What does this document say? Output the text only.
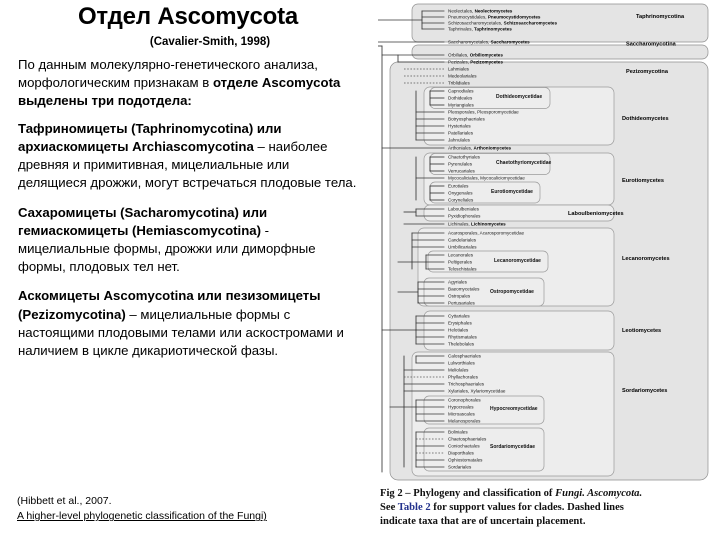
Отдел Ascomycota
(Cavalier-Smith, 1998)

По данным молекулярно-генетического анализа, морфологическим признакам в отделе Ascomycota выделены три подотдела:

Тафриномицеты (Taphrinomycotina) или архиаскомицеты Archiascomycotina – наиболее древняя и примитивная, мицелиальные или делящиеся дрожжи, могут встречаться плодовые тела.

Сахаромицеты (Sacharomycotina) или гемиаскомицеты (Hemiascomycotina) - мицелиальные формы, дрожжи или диморфные формы, плодовых тел нет.

Аскомицеты Ascomycotina или пезизомицеты (Pezizomycotina) – мицелиальные формы с настоящими плодовыми телами или аскостромами и наличием в цикле дикариотической фазы.

(Hibbett et al., 2007.
A higher-level phylogenetic classification of the Fungi)
Taphrinomycotina
Saccharomycotina
Pezizomycotina
Dothideomycetes
Eurotiomycetes
Laboulbeniomycetes
Lecanoromycetes
Leotiomycetes
Sordariomycetes
Dothideomycetidae
Chaetothyriomycetidae
Eurotiomycetidae
Lecanoromycetidae
Ostropomycetidae
Hypocreomycetidae
Sordariomycetidae
Neolectales, Neolectomycetes
Pneumocystidales, Pneumocystidomycetes
Schizosaccharomycetales, Schizosaccharomycetes
Taphrinales, Taphrinomycetes
Saccharomycetales, Saccharomycetes
Orbiliales, Orbiliomycetes
Pezizales, Pezizomycetes
Lahmiales
Medeolariales
Triblidiales
Capnodiales
Dothideales
Myriangiales
Pleosporales, Pleosporomycetidae
Botryosphaeriales
Hysteriales
Patellariales
Jahnulales
Arthoniales, Arthoniomycetes
Chaetothyriales
Pyrenulales
Verrucariales
Mycocaliciales, Mycocaliciomycetidae
Eurotiales
Onygenales
Coryneliales
Laboulbeniales
Pyxidiophorales
Lichinales, Lichinomycetes
Acarosporales, Acarosporomycetidae
Candelariales
Umbilicariales
Lecanorales
Peltigerales
Teloschistales
Agyriales
Baeomycetales
Ostropales
Pertusariales
Cyttariales
Erysiphales
Helotiales
Rhytismatales
Thelebolales
Calosphaeriales
Lulworthiales
Meliolales
Phyllachorales
Trichosphaeriales
Xylariales, Xylariomycetidae
Coronophorales
Hypocreales
Microascales
Melanosporales
Boliniales
Chaetosphaeriales
Coniochaetales
Diaporthales
Ophiostomatales
Sordariales
Fig 2 – Phylogeny and classification of Fungi. Ascomycota.
See Table 2 for support values for clades. Dashed lines
indicate taxa that are of uncertain placement.
